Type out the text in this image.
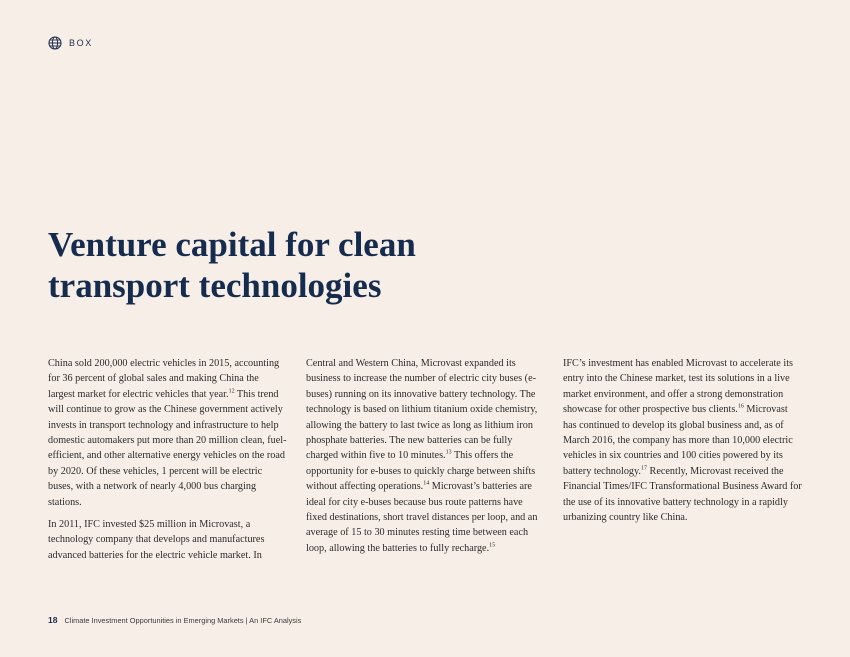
BOX
Venture capital for clean
transport technologies

China sold 200,000 electric vehicles in 2015, accounting for 36 percent of global sales and making China the largest market for electric vehicles that year.$^{12}$ This trend will continue to grow as the Chinese government actively invests in transport technology and infrastructure to help domestic automakers put more than 20 million clean, fuel-efficient, and other alternative energy vehicles on the road by 2020. Of these vehicles, 1 percent will be electric buses, with a network of nearly 4,000 bus charging stations.

In 2011, IFC invested $25 million in Microvast, a technology company that develops and manufactures advanced batteries for the electric vehicle market. In

Central and Western China, Microvast expanded its business to increase the number of electric city buses (e-buses) running on its innovative battery technology. The technology is based on lithium titanium oxide chemistry, allowing the battery to last twice as long as lithium iron phosphate batteries. The new batteries can be fully charged within five to 10 minutes.$^{13}$ This offers the opportunity for e-buses to quickly charge between shifts without affecting operations.$^{14}$ Microvast’s batteries are ideal for city e-buses because bus route patterns have fixed destinations, short travel distances per loop, and an average of 15 to 30 minutes resting time between each loop, allowing the batteries to fully recharge.$^{15}$

IFC’s investment has enabled Microvast to accelerate its entry into the Chinese market, test its solutions in a live market environment, and offer a strong demonstration showcase for other prospective bus clients.$^{16}$ Microvast has continued to develop its global business and, as of March 2016, the company has more than 10,000 electric vehicles in six countries and 100 cities powered by its battery technology.$^{17}$ Recently, Microvast received the Financial Times/IFC Transformational Business Award for the use of its innovative battery technology in a rapidly urbanizing country like China.

18 Climate Investment Opportunities in Emerging Markets | An IFC Analysis
